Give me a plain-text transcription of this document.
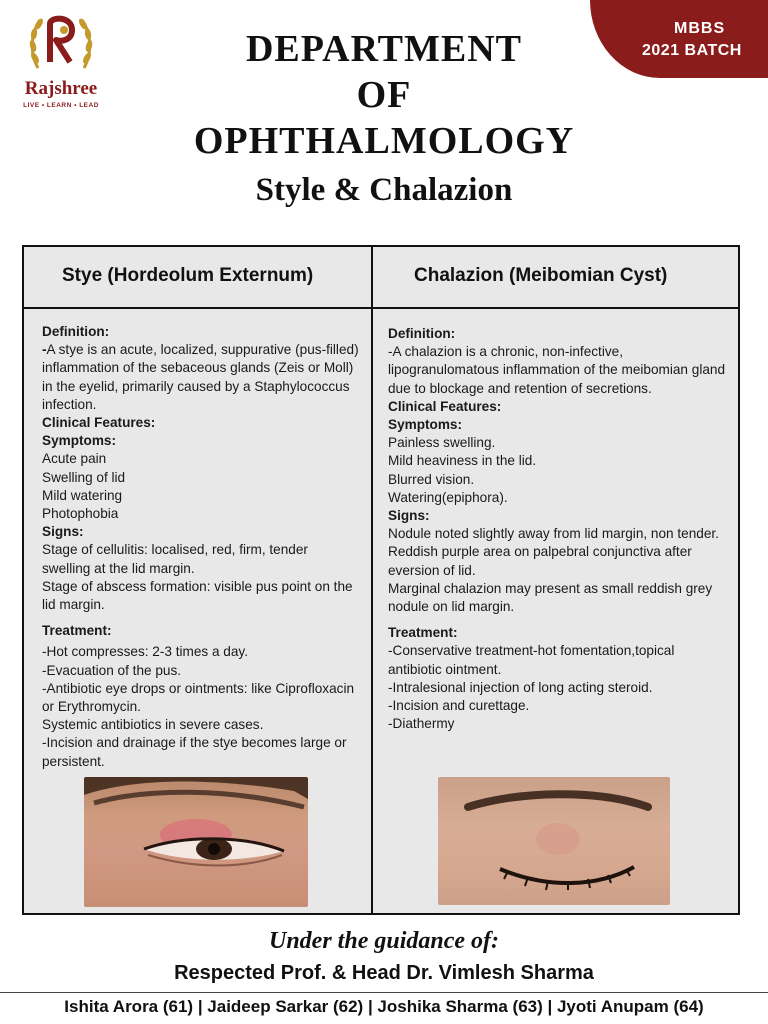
Rajshree
LIVE • LEARN • LEAD
MBBS
2021 BATCH
DEPARTMENT
OF
OPHTHALMOLOGY
Style & Chalazion
Stye (Hordeolum Externum)	Chalazion (Meibomian Cyst)
Definition:
-A stye is an acute, localized, suppurative (pus-filled) inflammation of the sebaceous glands (Zeis or Moll) in the eyelid, primarily caused by a Staphylococcus infection.
Clinical Features:
Symptoms:
Acute pain
Swelling of lid
Mild watering
Photophobia
Signs:
Stage of cellulitis: localised, red, firm, tender swelling at the lid margin.
Stage of abscess formation: visible pus point on the lid margin.
Treatment:
-Hot compresses: 2-3 times a day.
-Evacuation of the pus.
-Antibiotic eye drops or ointments: like Ciprofloxacin or Erythromycin.
Systemic antibiotics in severe cases.
-Incision and drainage if the stye becomes large or persistent.
Definition:
-A chalazion is a chronic, non-infective, lipogranulomatous inflammation of the meibomian gland due to blockage and retention of secretions.
Clinical Features:
Symptoms:
Painless swelling.
Mild heaviness in the lid.
Blurred vision.
Watering(epiphora).
Signs:
Nodule noted slightly away from lid margin, non tender.
Reddish purple area on palpebral conjunctiva after eversion of lid.
Marginal chalazion may present as small reddish grey nodule on lid margin.
Treatment:
-Conservative treatment-hot fomentation,topical antibiotic ointment.
-Intralesional injection of long acting steroid.
-Incision and curettage.
-Diathermy
Under the guidance of:
Respected Prof. & Head Dr. Vimlesh Sharma
Ishita Arora (61) | Jaideep Sarkar (62) | Joshika Sharma (63) | Jyoti Anupam (64)
